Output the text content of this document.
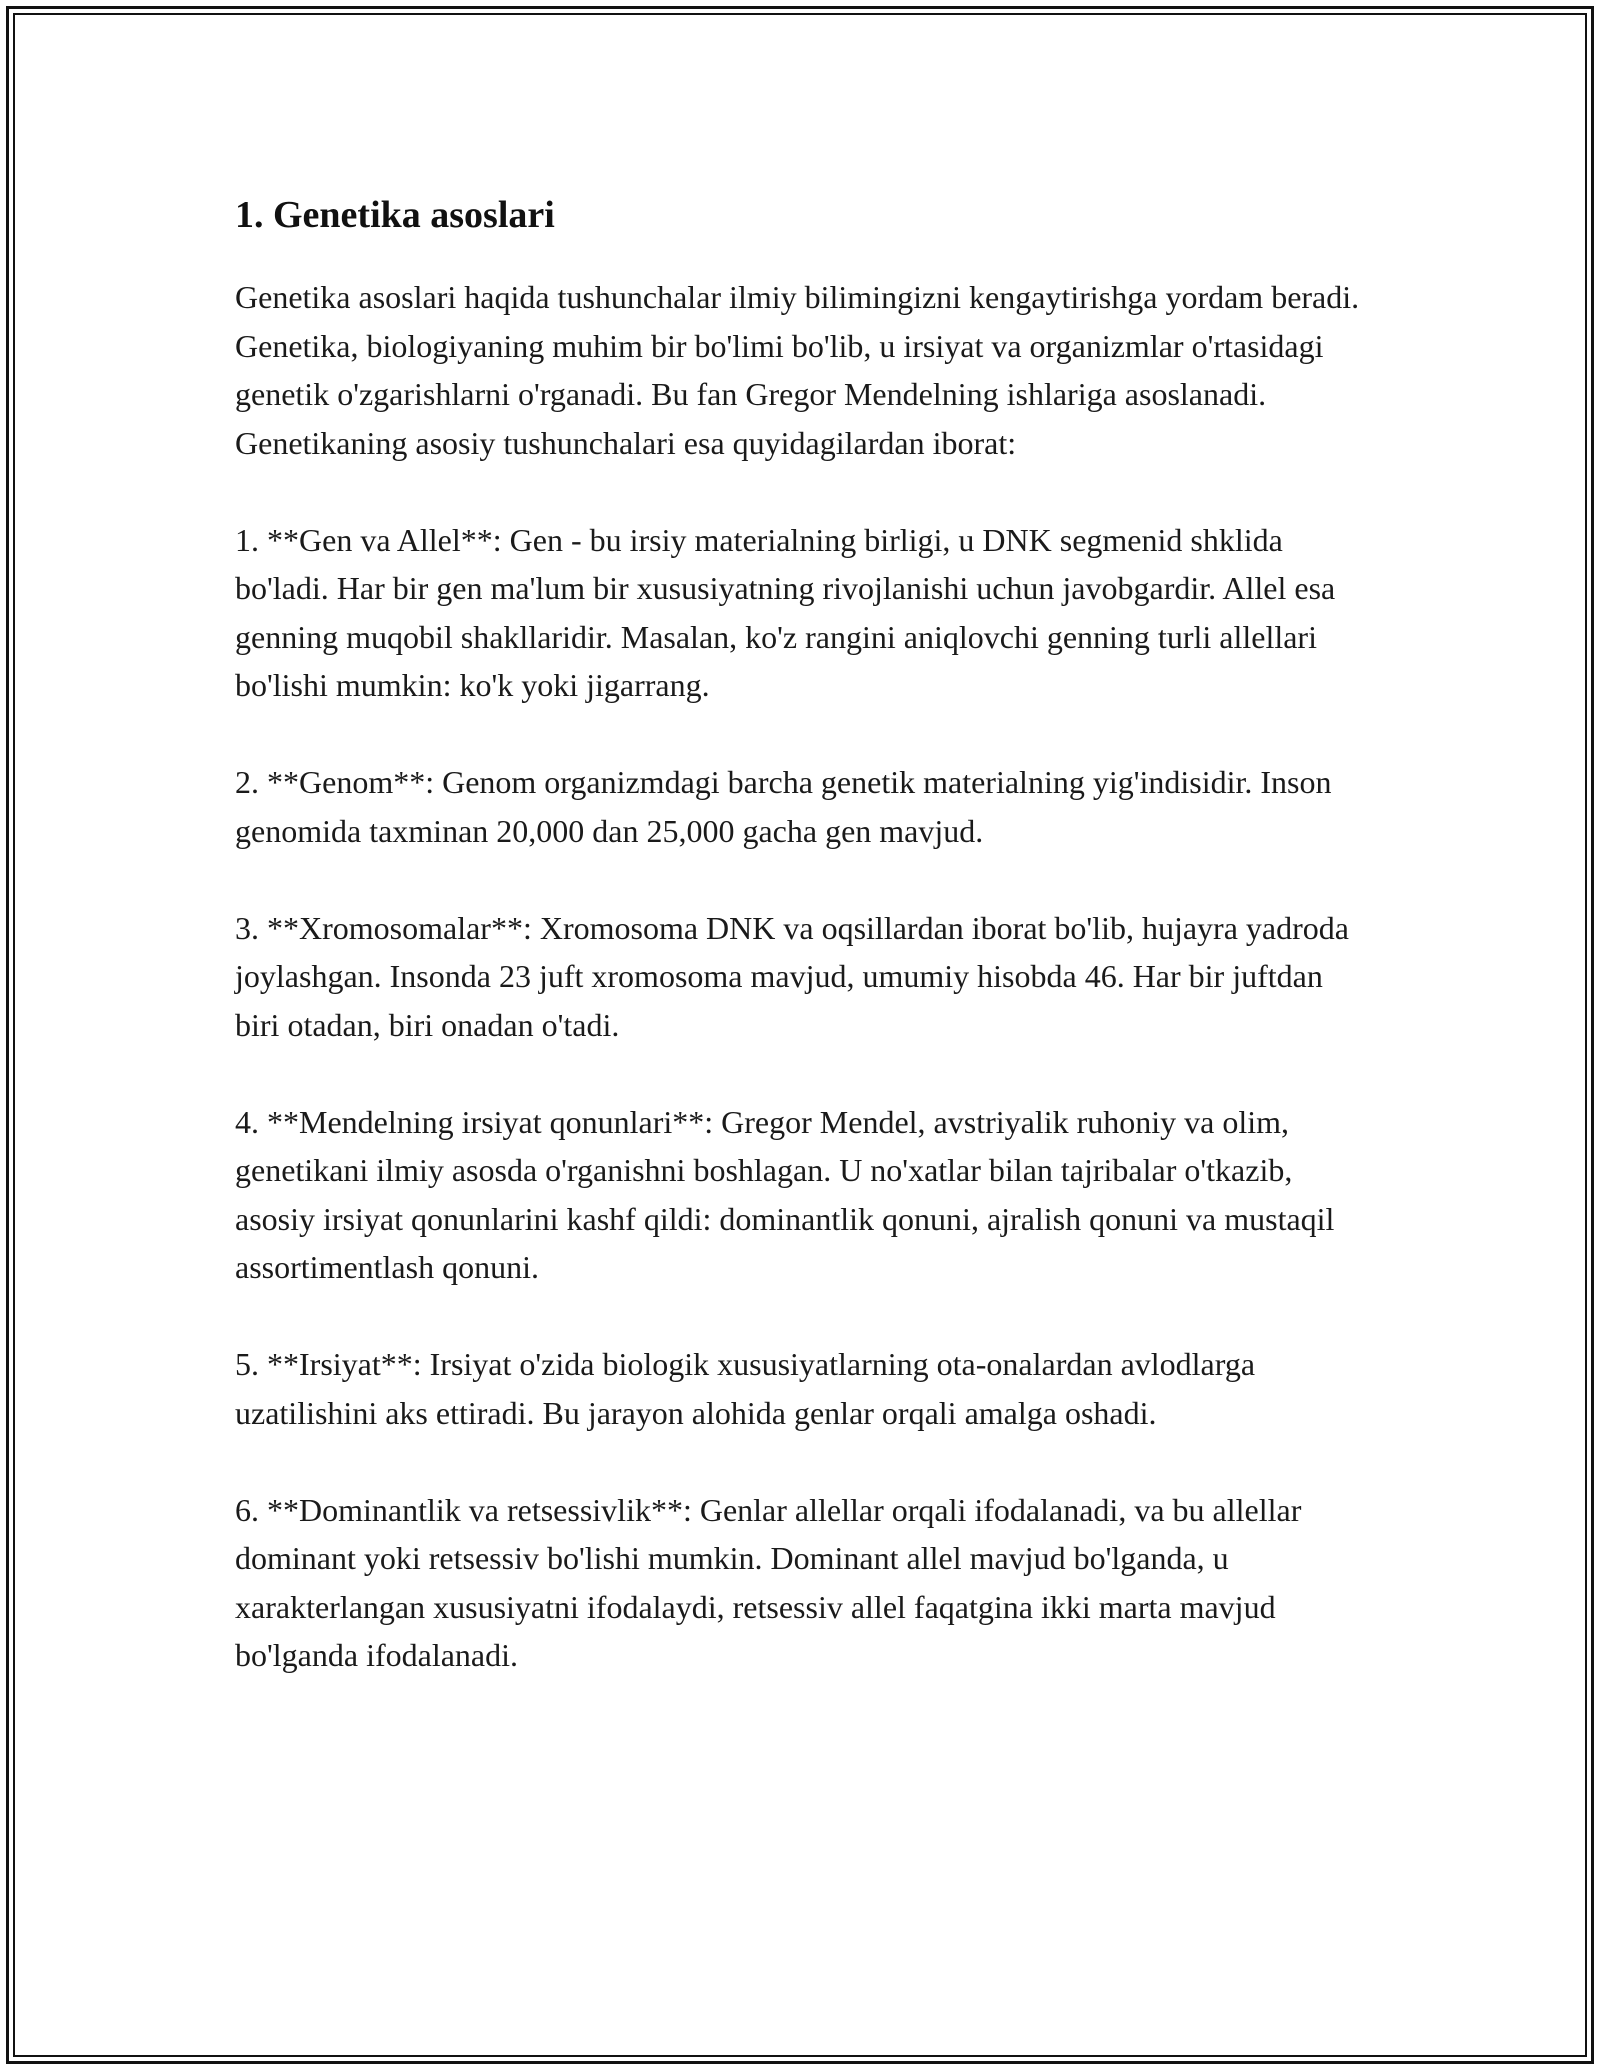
1. Genetika asoslari

Genetika asoslari haqida tushunchalar ilmiy bilimingizni kengaytirishga yordam beradi. Genetika, biologiyaning muhim bir bo'limi bo'lib, u irsiyat va organizmlar o'rtasidagi genetik o'zgarishlarni o'rganadi. Bu fan Gregor Mendelning ishlariga asoslanadi. Genetikaning asosiy tushunchalari esa quyidagilardan iborat:

1. **Gen va Allel**: Gen - bu irsiy materialning birligi, u DNK segmenid shklida bo'ladi. Har bir gen ma'lum bir xususiyatning rivojlanishi uchun javobgardir. Allel esa genning muqobil shakllaridir. Masalan, ko'z rangini aniqlovchi genning turli allellari bo'lishi mumkin: ko'k yoki jigarrang.

2. **Genom**: Genom organizmdagi barcha genetik materialning yig'indisidir. Inson genomida taxminan 20,000 dan 25,000 gacha gen mavjud.

3. **Xromosomalar**: Xromosoma DNK va oqsillardan iborat bo'lib, hujayra yadroda joylashgan. Insonda 23 juft xromosoma mavjud, umumiy hisobda 46. Har bir juftdan biri otadan, biri onadan o'tadi.

4. **Mendelning irsiyat qonunlari**: Gregor Mendel, avstriyalik ruhoniy va olim, genetikani ilmiy asosda o'rganishni boshlagan. U no'xatlar bilan tajribalar o'tkazib, asosiy irsiyat qonunlarini kashf qildi: dominantlik qonuni, ajralish qonuni va mustaqil assortimentlash qonuni.

5. **Irsiyat**: Irsiyat o'zida biologik xususiyatlarning ota-onalardan avlodlarga uzatilishini aks ettiradi. Bu jarayon alohida genlar orqali amalga oshadi.

6. **Dominantlik va retsessivlik**: Genlar allellar orqali ifodalanadi, va bu allellar dominant yoki retsessiv bo'lishi mumkin. Dominant allel mavjud bo'lganda, u xarakterlangan xususiyatni ifodalaydi, retsessiv allel faqatgina ikki marta mavjud bo'lganda ifodalanadi.
